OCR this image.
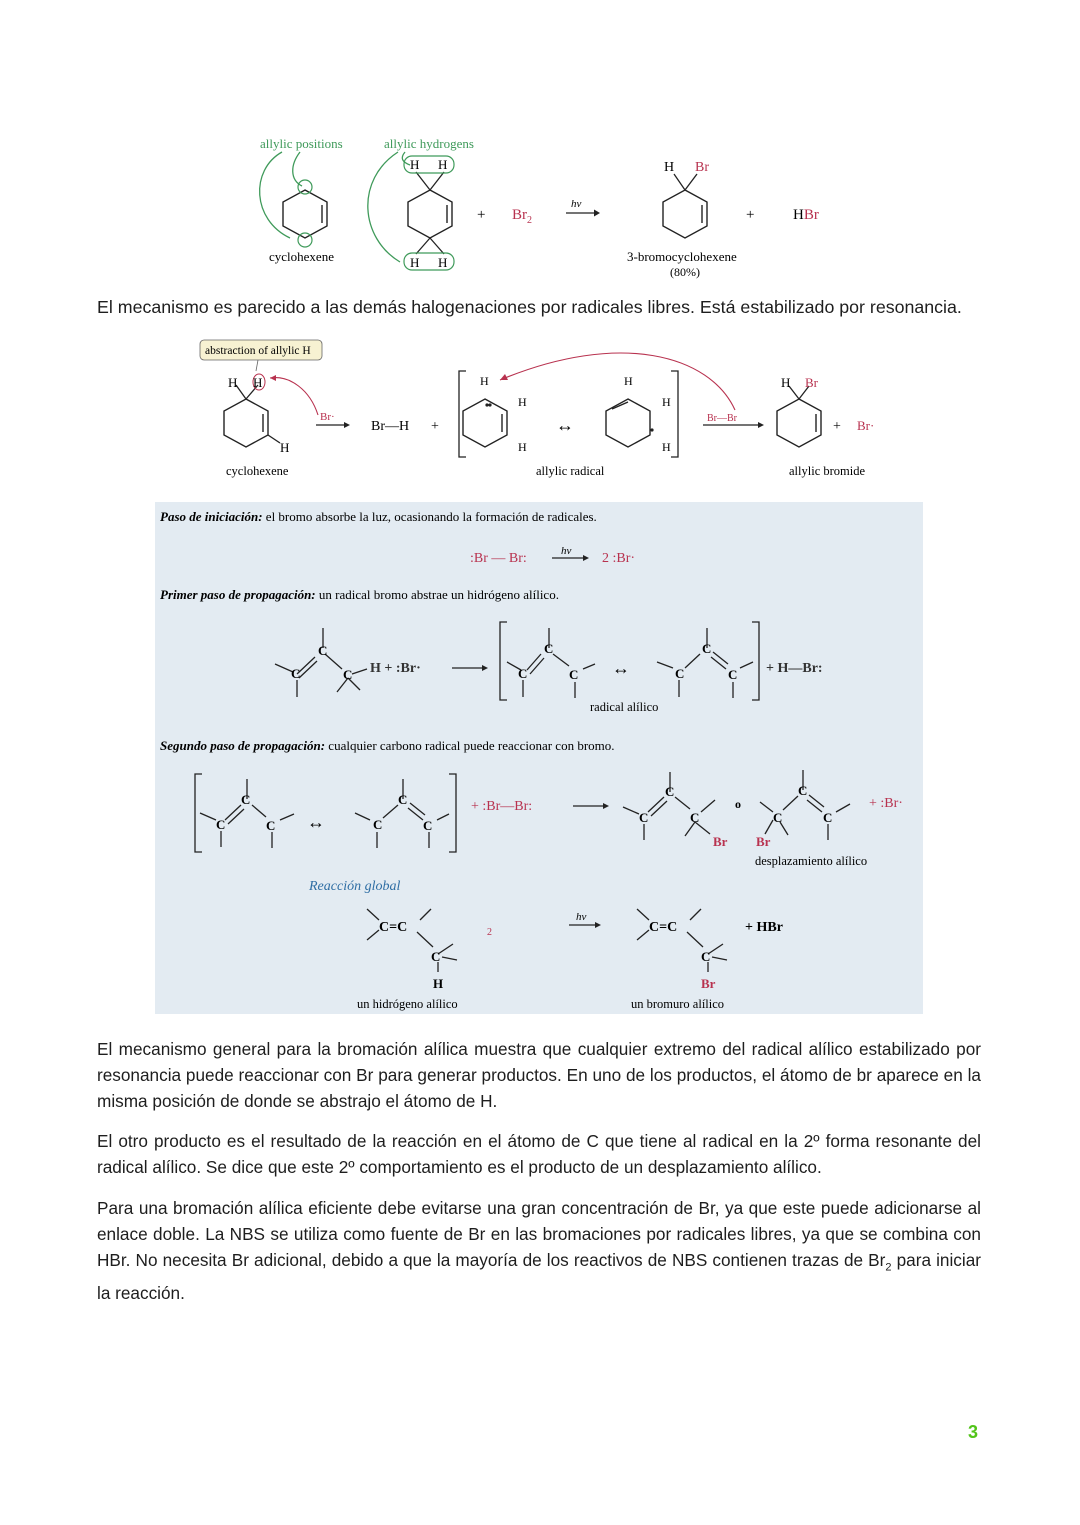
allylic positions	allylic hydrogens
cyclohexene
H H
H H
+ $Br_2$
hν
H Br
3-bromocyclohexene
(80%)
+	HBr

El mecanismo es parecido a las demás halogenaciones por radicales libres. Está estabilizado por resonancia.

abstraction of allylic H
H H
H
cyclohexene
Br·
Br—H +
H
H
H
↔
H
H
H
allylic radical
Br—Br
H Br
+ Br·
allylic bromide
Paso de iniciación: el bromo absorbe la luz, ocasionando la formación de radicales.
:Br — Br:	hν 2 :Br·
Primer paso de propagación: un radical bromo abstrae un hidrógeno alílico.
C
C
C H + :Br·	C
C
C ↔	C
C
C + H—Br:
radical alílico
Segundo paso de propagación: cualquier carbono radical puede reaccionar con bromo.
C
C
C ↔	C
C
C
+ :Br—Br:
C
C
C
Br
o
C
C
C
Br
+ :Br·
desplazamiento alílico
Reacción global
C=C
C
H
$_2$
hν
C=C
C
Br
+ HBr
un hidrógeno alílico	un bromuro alílico

El mecanismo general para la bromación alílica muestra que cualquier extremo del radical alílico estabilizado por resonancia puede reaccionar con Br para generar productos. En uno de los productos, el átomo de br aparece en la misma posición de donde se abstrajo el átomo de H.

El otro producto es el resultado de la reacción en el átomo de C que tiene al radical en la 2º forma resonante del radical alílico. Se dice que este 2º comportamiento es el producto de un desplazamiento alílico.

Para una bromación alílica eficiente debe evitarse una gran concentración de Br, ya que este puede adicionarse al enlace doble. La NBS se utiliza como fuente de Br en las bromaciones por radicales libres, ya que se combina con HBr. No necesita Br adicional, debido a que la mayoría de los reactivos de NBS contienen trazas de $Br_2$ para iniciar la reacción.

3
